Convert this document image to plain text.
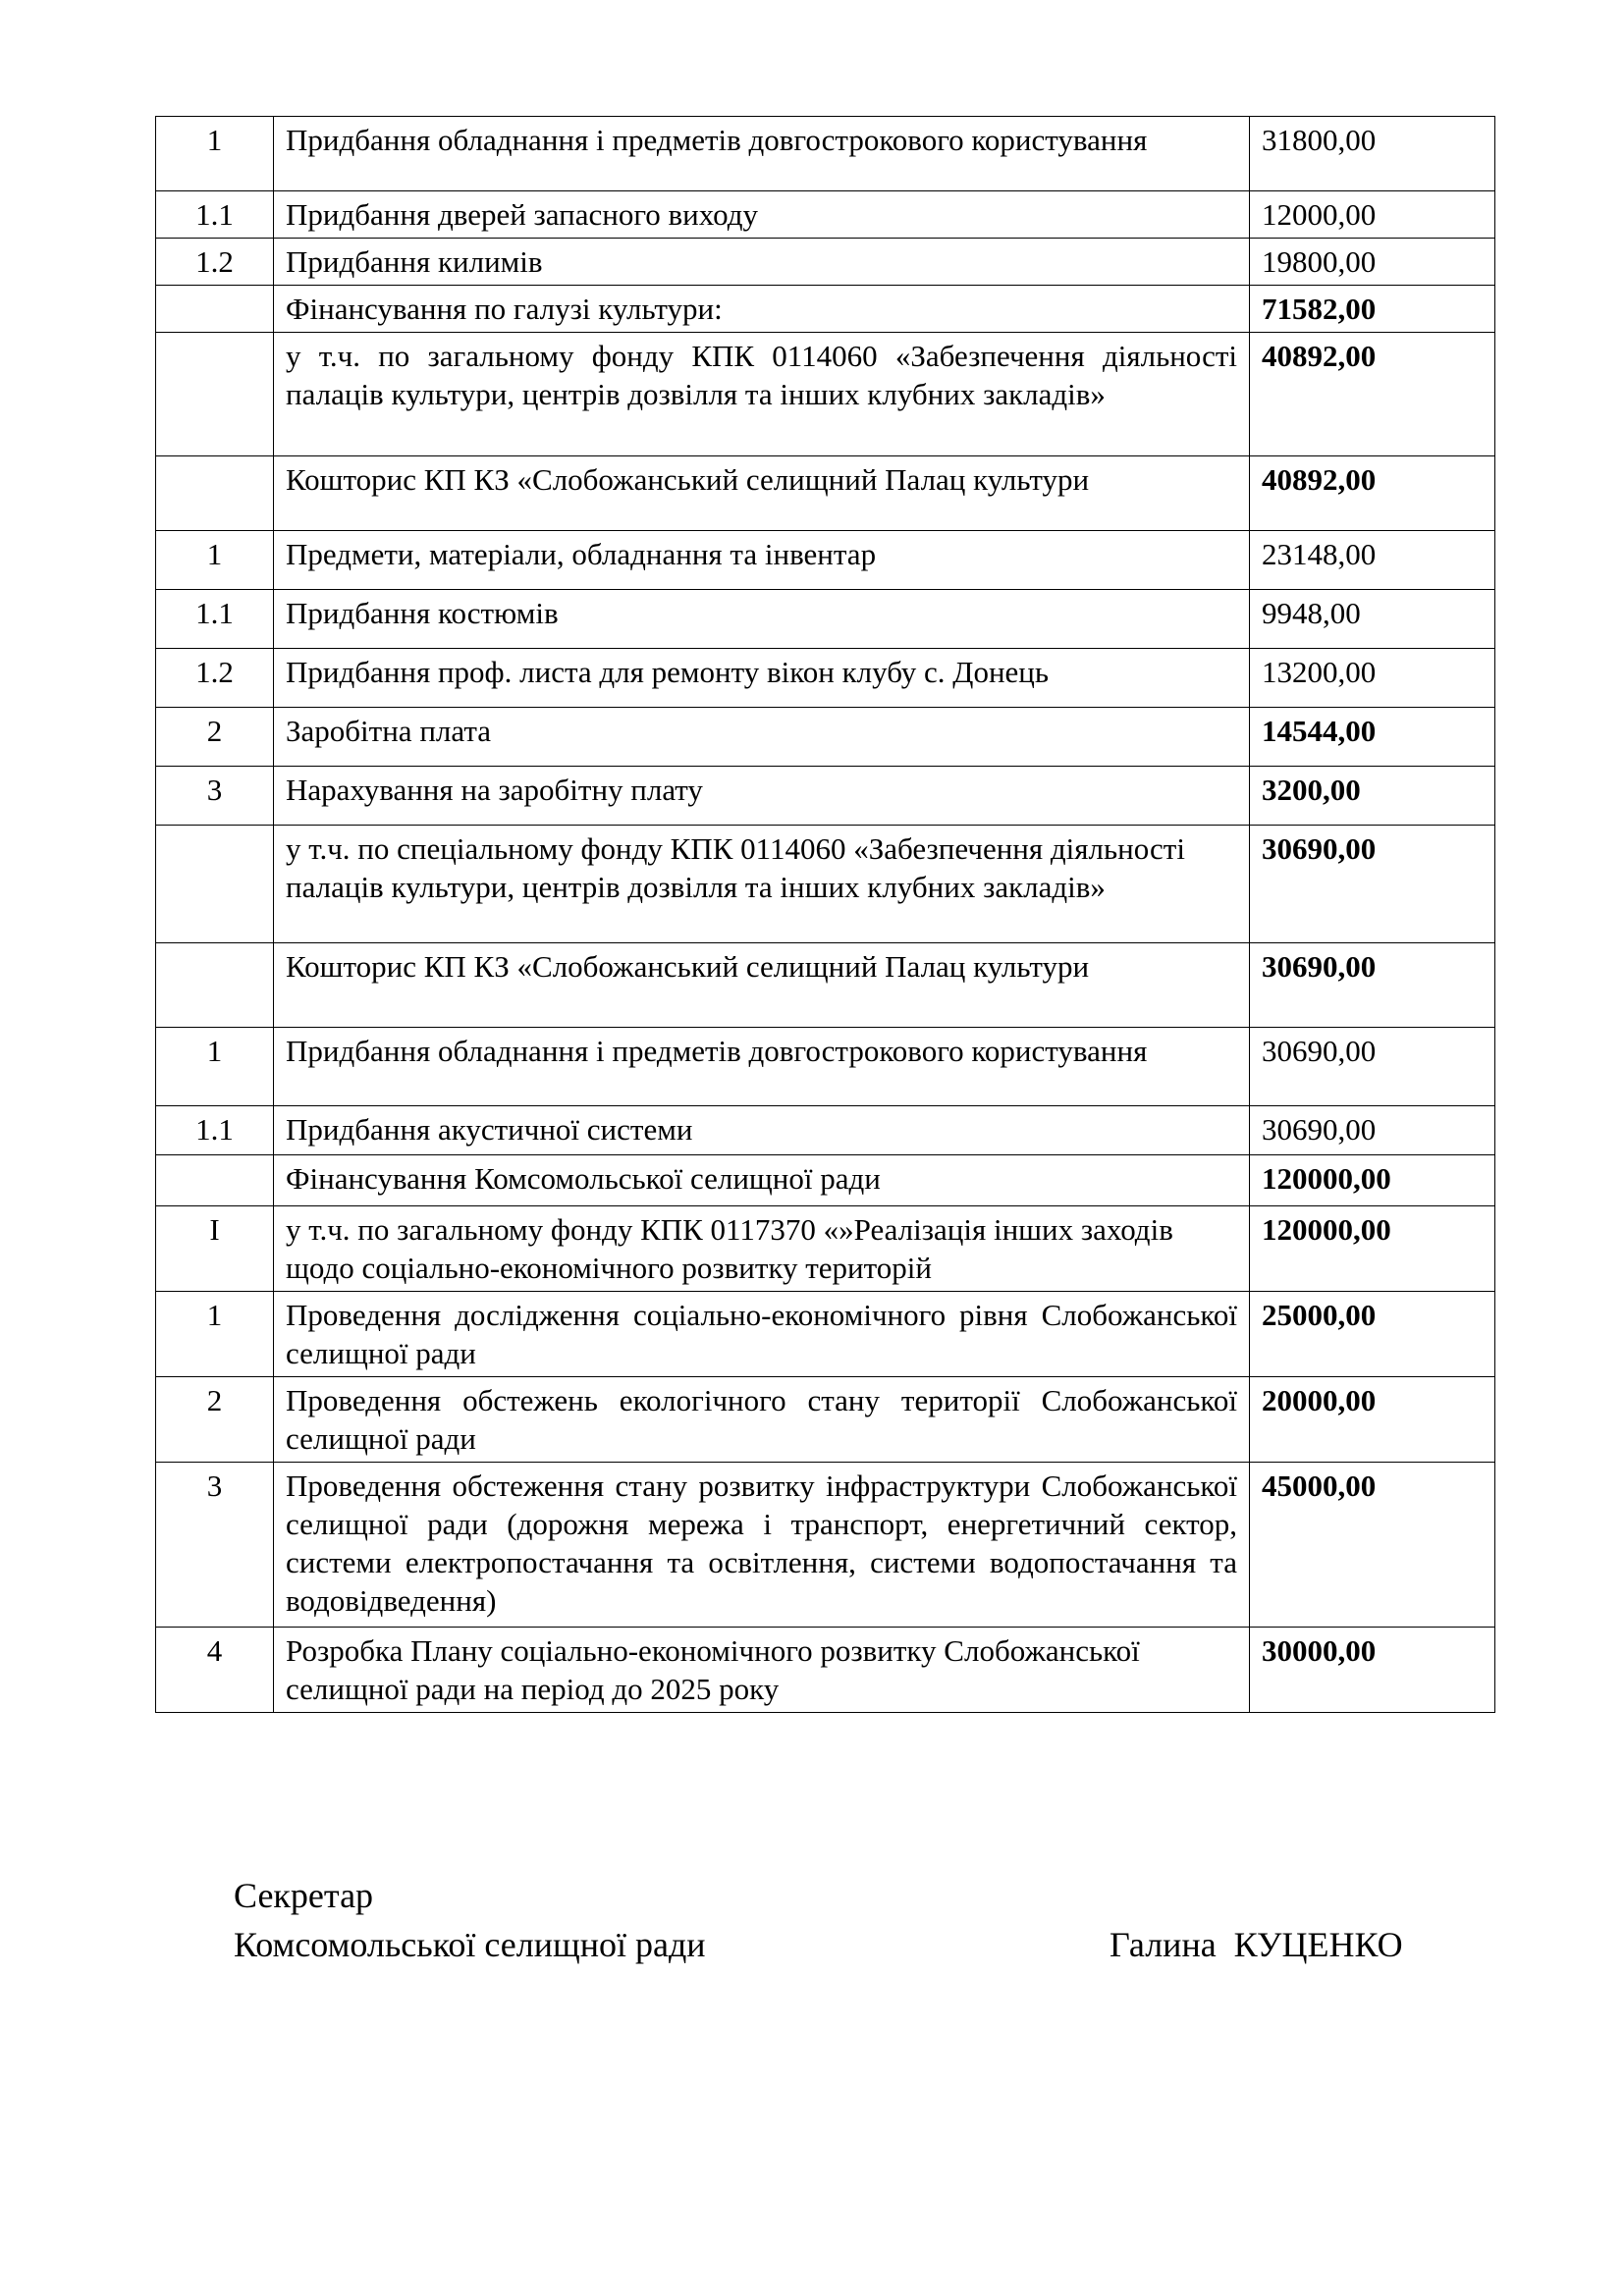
1	Придбання обладнання і предметів довгострокового користування	31800,00
1.1	Придбання дверей запасного виходу	12000,00
1.2	Придбання килимів	19800,00
	Фінансування по галузі культури:	71582,00
	у т.ч. по загальному фонду КПК 0114060 «Забезпечення діяльності палаців культури, центрів дозвілля та інших клубних закладів»	40892,00
	Кошторис КП КЗ «Слобожанський селищний Палац культури	40892,00
1	Предмети, матеріали, обладнання та інвентар	23148,00
1.1	Придбання костюмів	9948,00
1.2	Придбання проф. листа для ремонту вікон клубу с. Донець	13200,00
2	Заробітна плата	14544,00
3	Нарахування на заробітну плату	3200,00
	у т.ч. по спеціальному фонду КПК 0114060 «Забезпечення діяльності палаців культури, центрів дозвілля та інших клубних закладів»	30690,00
	Кошторис КП КЗ «Слобожанський селищний Палац культури	30690,00
1	Придбання обладнання і предметів довгострокового користування	30690,00
1.1	Придбання акустичної системи	30690,00
	Фінансування Комсомольської селищної ради	120000,00
I	у т.ч. по загальному фонду КПК 0117370 «»Реалізація інших заходів щодо соціально-економічного розвитку територій	120000,00
1	Проведення дослідження соціально-економічного рівня Слобожанської селищної ради	25000,00
2	Проведення обстежень екологічного стану території Слобожанської селищної ради	20000,00
3	Проведення обстеження стану розвитку інфраструктури Слобожанської селищної ради (дорожня мережа і транспорт, енергетичний сектор, системи електропостачання та освітлення, системи водопостачання та водовідведення)	45000,00
4	Розробка Плану соціально-економічного розвитку Слобожанської селищної ради на період до 2025 року	30000,00
Секретар
Комсомольської селищної ради	Галина  КУЦЕНКО
